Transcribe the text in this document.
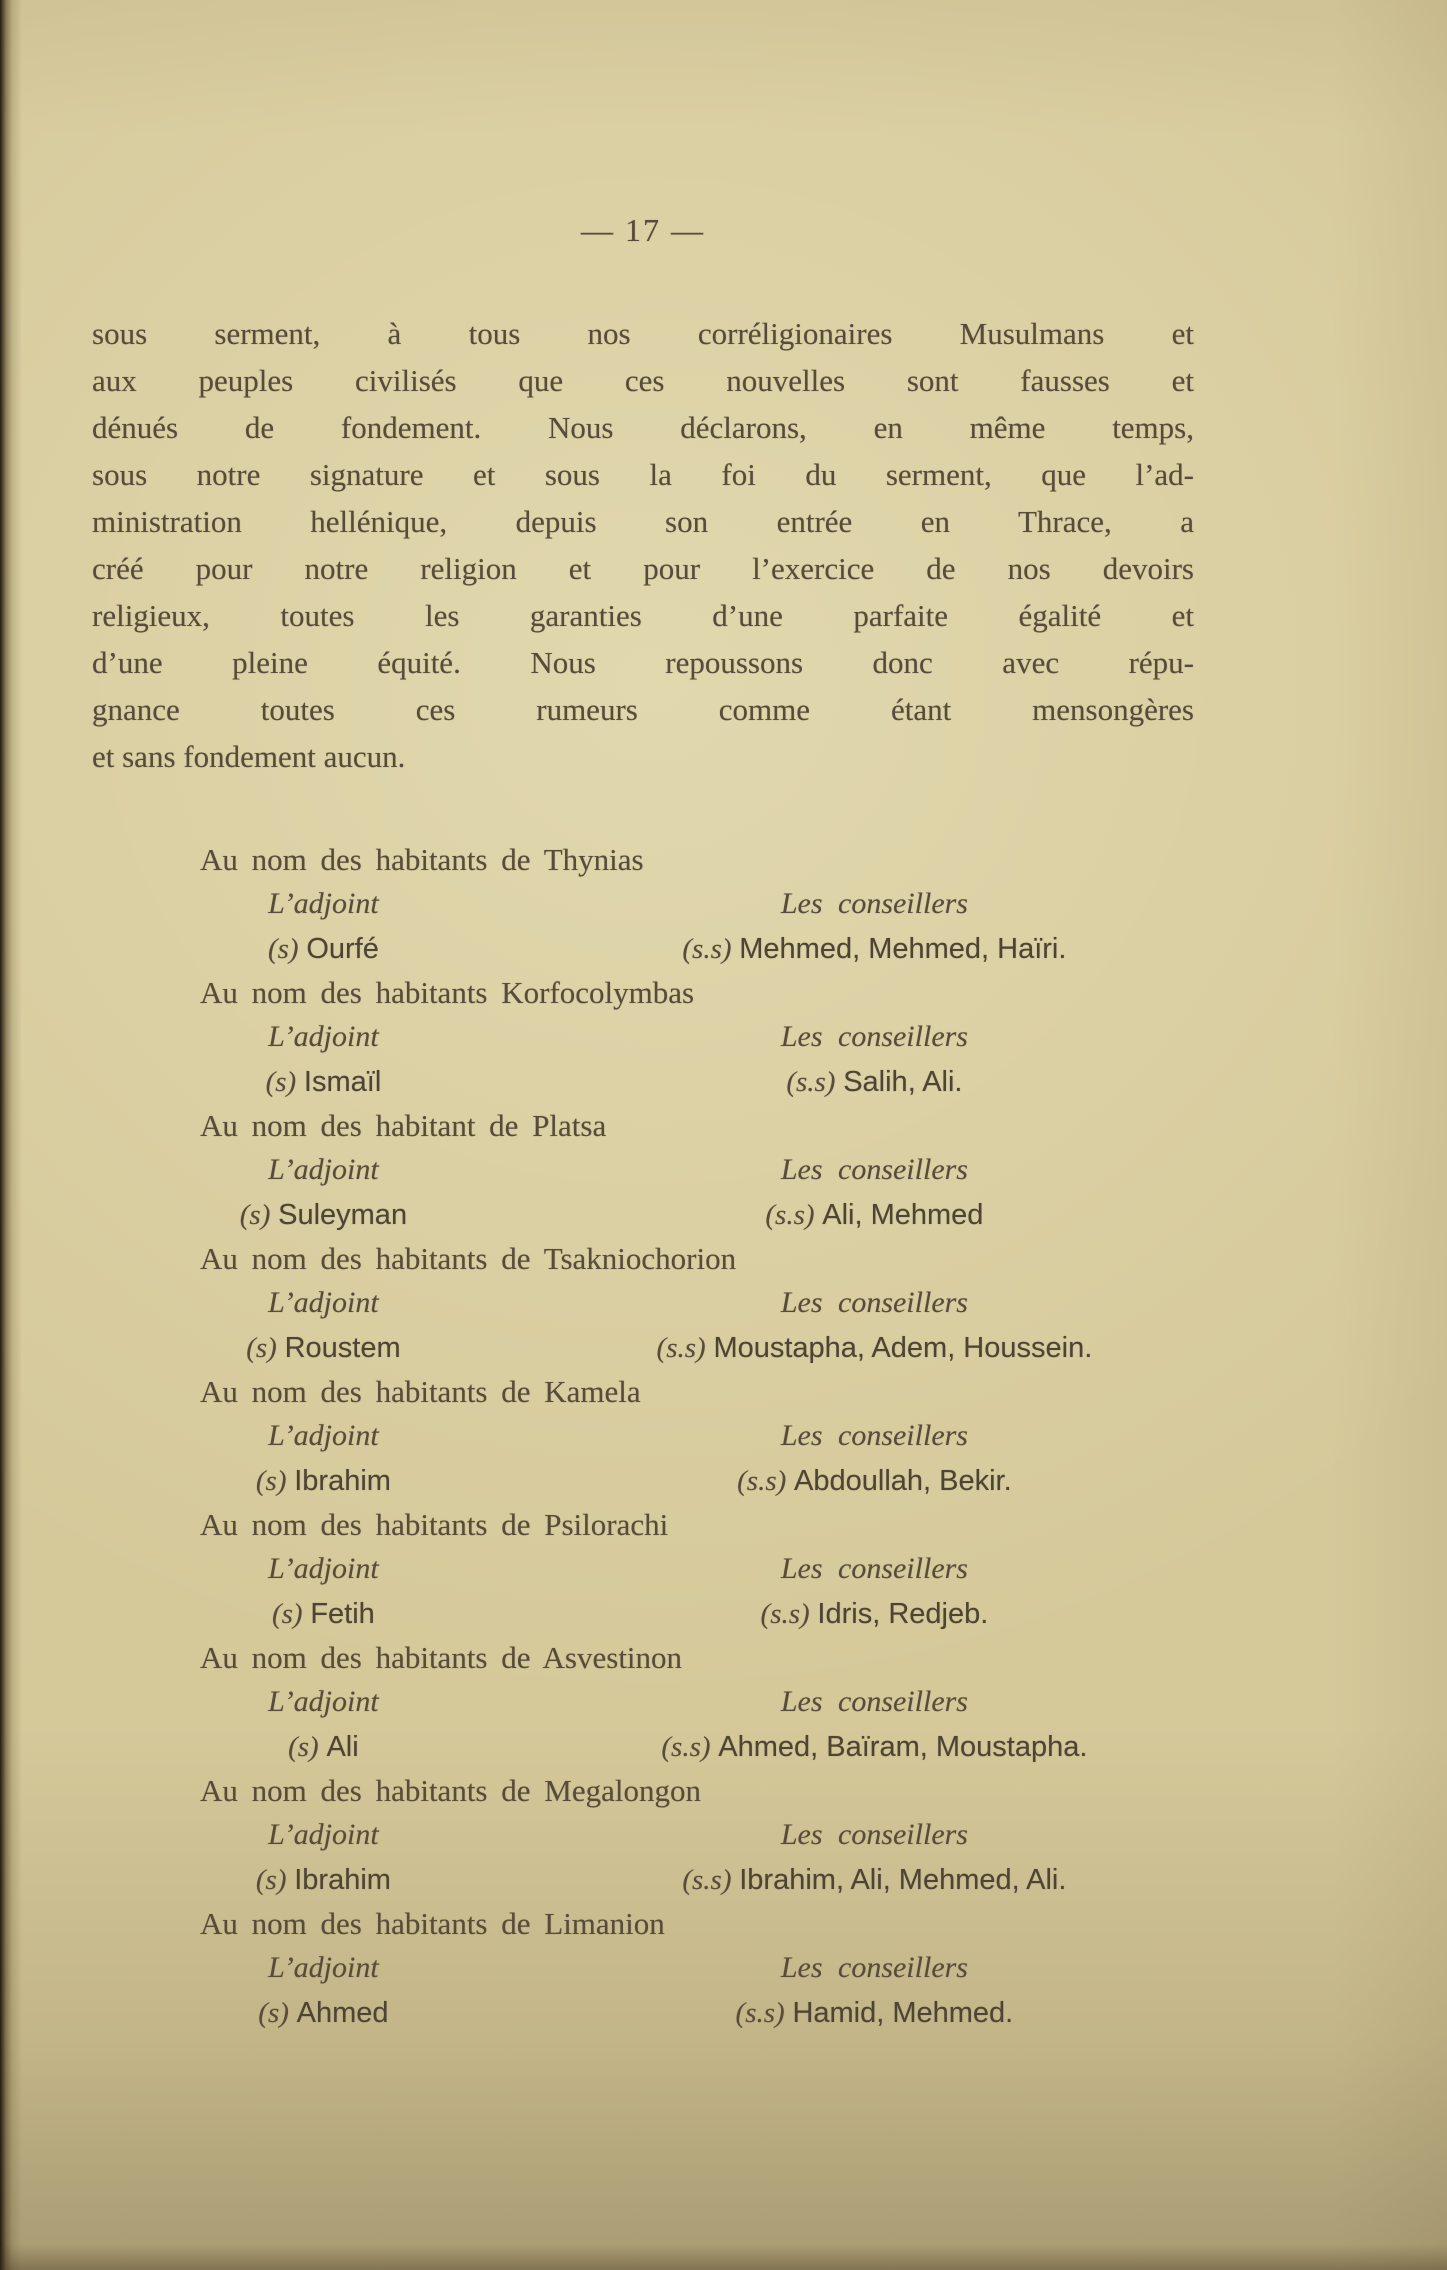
— 17 —
sous serment, à tous nos corréligionaires Musulmans et
aux peuples civilisés que ces nouvelles sont fausses et
dénués de fondement. Nous déclarons, en même temps,
sous notre signature et sous la foi du serment, que l’ad-
ministration hellénique, depuis son entrée en Thrace, a
créé pour notre religion et pour l’exercice de nos devoirs
religieux, toutes les garanties d’une parfaite égalité et
d’une pleine équité. Nous repoussons donc avec répu-
gnance toutes ces rumeurs comme étant mensongères
et sans fondement aucun.
Au nom des habitants de Thynias
L’adjoint	Les conseillers
(s) Ourfé	(s.s) Mehmed, Mehmed, Haïri.
Au nom des habitants Korfocolymbas
L’adjoint	Les conseillers
(s) Ismaïl	(s.s) Salih, Ali.
Au nom des habitant de Platsa
L’adjoint	Les conseillers
(s) Suleyman	(s.s) Ali, Mehmed
Au nom des habitants de Tsakniochorion
L’adjoint	Les conseillers
(s) Roustem	(s.s) Moustapha, Adem, Houssein.
Au nom des habitants de Kamela
L’adjoint	Les conseillers
(s) Ibrahim	(s.s) Abdoullah, Bekir.
Au nom des habitants de Psilorachi
L’adjoint	Les conseillers
(s) Fetih	(s.s) Idris, Redjeb.
Au nom des habitants de Asvestinon
L’adjoint	Les conseillers
(s) Ali	(s.s) Ahmed, Baïram, Moustapha.
Au nom des habitants de Megalongon
L’adjoint	Les conseillers
(s) Ibrahim	(s.s) Ibrahim, Ali, Mehmed, Ali.
Au nom des habitants de Limanion
L’adjoint	Les conseillers
(s) Ahmed	(s.s) Hamid, Mehmed.
